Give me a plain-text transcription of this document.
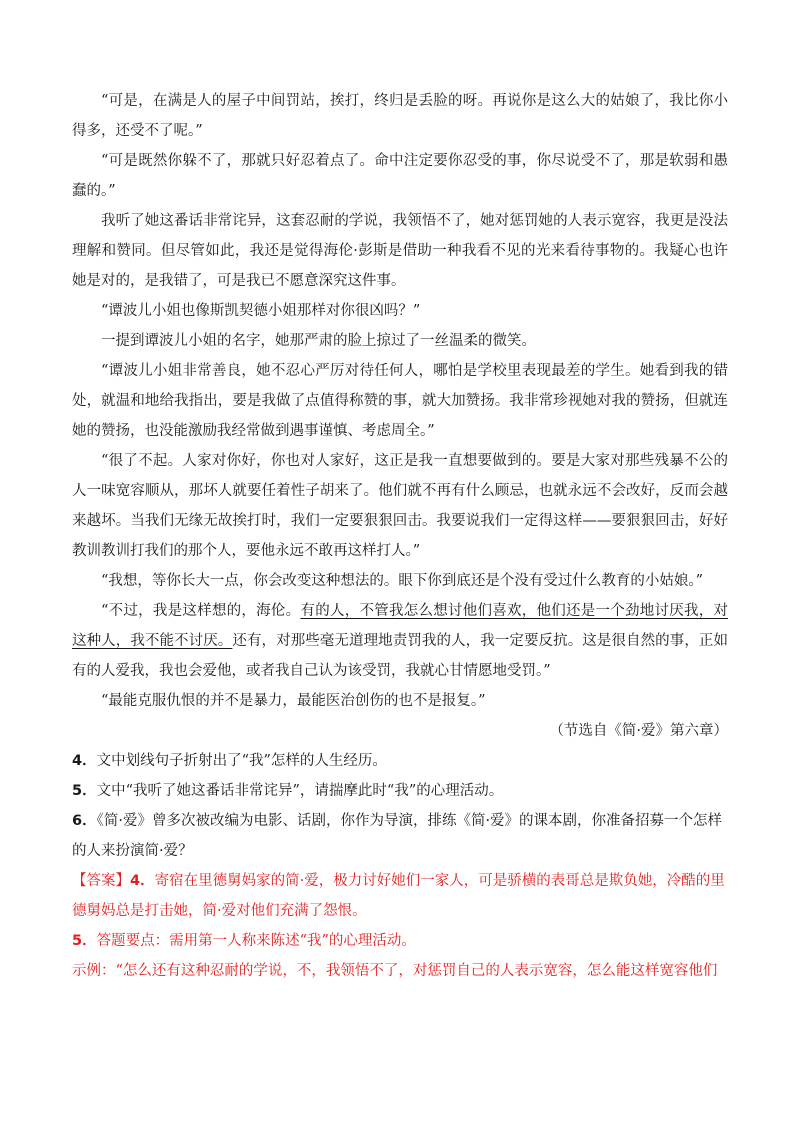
“可是，在满是人的屋子中间罚站，挨打，终归是丢脸的呀。再说你是这么大的姑娘了，我比你小得多，还受不了呢。”

“可是既然你躲不了，那就只好忍着点了。命中注定要你忍受的事，你尽说受不了，那是软弱和愚蠢的。”

我听了她这番话非常诧异，这套忍耐的学说，我领悟不了，她对惩罚她的人表示宽容，我更是没法理解和赞同。但尽管如此，我还是觉得海伦·彭斯是借助一种我看不见的光来看待事物的。我疑心也许她是对的，是我错了，可是我已不愿意深究这件事。

“谭波儿小姐也像斯凯契德小姐那样对你很凶吗？”

一提到谭波儿小姐的名字，她那严肃的脸上掠过了一丝温柔的微笑。

“谭波儿小姐非常善良，她不忍心严厉对待任何人，哪怕是学校里表现最差的学生。她看到我的错处，就温和地给我指出，要是我做了点值得称赞的事，就大加赞扬。我非常珍视她对我的赞扬，但就连她的赞扬，也没能激励我经常做到遇事谨慎、考虑周全。”

“很了不起。人家对你好，你也对人家好，这正是我一直想要做到的。要是大家对那些残暴不公的人一味宽容顺从，那坏人就要任着性子胡来了。他们就不再有什么顾忌，也就永远不会改好，反而会越来越坏。当我们无缘无故挨打时，我们一定要狠狠回击。我要说我们一定得这样——要狠狠回击，好好教训教训打我们的那个人，要他永远不敢再这样打人。”

“我想，等你长大一点，你会改变这种想法的。眼下你到底还是个没有受过什么教育的小姑娘。”

“不过，我是这样想的，海伦。有的人，不管我怎么想讨他们喜欢，他们还是一个劲地讨厌我，对这种人，我不能不讨厌。还有，对那些毫无道理地责罚我的人，我一定要反抗。这是很自然的事，正如有的人爱我，我也会爱他，或者我自己认为该受罚，我就心甘情愿地受罚。”

“最能克服仇恨的并不是暴力，最能医治创伤的也不是报复。”

（节选自《简·爱》第六章）

4．文中划线句子折射出了“我”怎样的人生经历。

5．文中“我听了她这番话非常诧异”，请揣摩此时“我”的心理活动。

6．《简·爱》曾多次被改编为电影、话剧，你作为导演，排练《简·爱》的课本剧，你准备招募一个怎样的人来扮演简·爱？

【答案】4．寄宿在里德舅妈家的简·爱，极力讨好她们一家人，可是骄横的表哥总是欺负她，冷酷的里德舅妈总是打击她，简·爱对他们充满了怨恨。

5．答题要点：需用第一人称来陈述“我”的心理活动。

示例：“怎么还有这种忍耐的学说，不，我领悟不了，对惩罚自己的人表示宽容，怎么能这样宽容他们
